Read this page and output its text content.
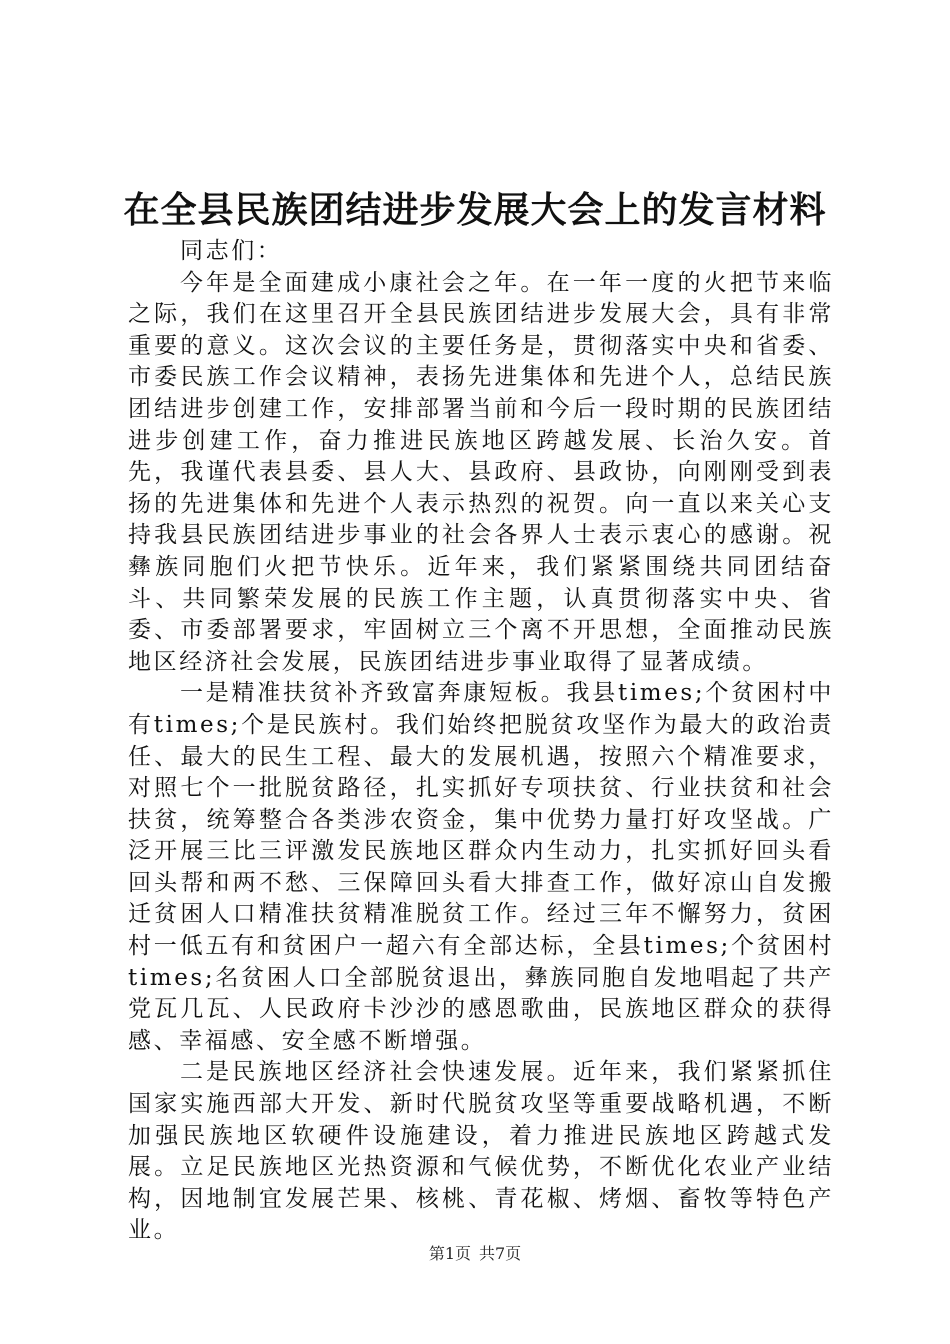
在全县民族团结进步发展大会上的发言材料

同志们：

今年是全面建成小康社会之年。在一年一度的火把节来临之际，我们在这里召开全县民族团结进步发展大会，具有非常重要的意义。这次会议的主要任务是，贯彻落实中央和省委、市委民族工作会议精神，表扬先进集体和先进个人，总结民族团结进步创建工作，安排部署当前和今后一段时期的民族团结进步创建工作，奋力推进民族地区跨越发展、长治久安。首先，我谨代表县委、县人大、县政府、县政协，向刚刚受到表扬的先进集体和先进个人表示热烈的祝贺。向一直以来关心支持我县民族团结进步事业的社会各界人士表示衷心的感谢。祝彝族同胞们火把节快乐。近年来，我们紧紧围绕共同团结奋斗、共同繁荣发展的民族工作主题，认真贯彻落实中央、省委、市委部署要求，牢固树立三个离不开思想，全面推动民族地区经济社会发展，民族团结进步事业取得了显著成绩。

一是精准扶贫补齐致富奔康短板。我县times;个贫困村中有times;个是民族村。我们始终把脱贫攻坚作为最大的政治责任、最大的民生工程、最大的发展机遇，按照六个精准要求，对照七个一批脱贫路径，扎实抓好专项扶贫、行业扶贫和社会扶贫，统筹整合各类涉农资金，集中优势力量打好攻坚战。广泛开展三比三评激发民族地区群众内生动力，扎实抓好回头看回头帮和两不愁、三保障回头看大排查工作，做好凉山自发搬迁贫困人口精准扶贫精准脱贫工作。经过三年不懈努力，贫困村一低五有和贫困户一超六有全部达标，全县times;个贫困村times;名贫困人口全部脱贫退出，彝族同胞自发地唱起了共产党瓦几瓦、人民政府卡沙沙的感恩歌曲，民族地区群众的获得感、幸福感、安全感不断增强。

二是民族地区经济社会快速发展。近年来，我们紧紧抓住国家实施西部大开发、新时代脱贫攻坚等重要战略机遇，不断加强民族地区软硬件设施建设，着力推进民族地区跨越式发展。立足民族地区光热资源和气候优势，不断优化农业产业结构，因地制宜发展芒果、核桃、青花椒、烤烟、畜牧等特色产业。

第1页 共7页
